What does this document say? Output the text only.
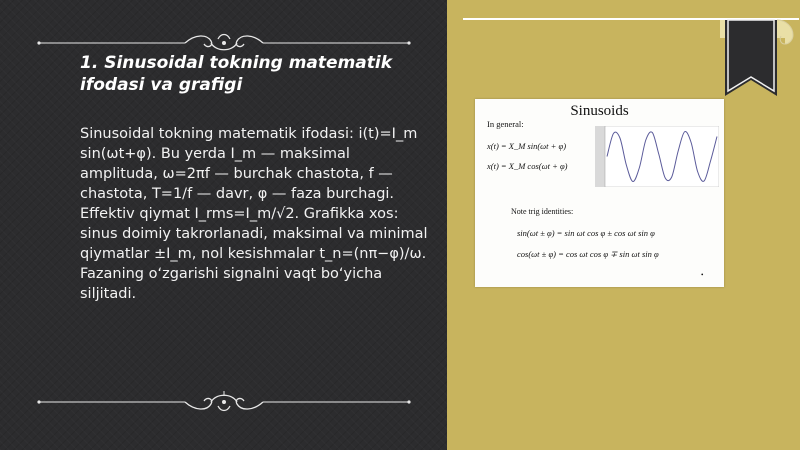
1. Sinusoidal tokning matematik ifodasi va grafigi

Sinusoidal tokning matematik ifodasi: i(t)=I_m sin(ωt+φ). Bu yerda I_m — maksimal amplituda, ω=2πf — burchak chastota, f — chastota, T=1/f — davr, φ — faza burchagi. Effektiv qiymat I_rms=I_m/√2. Grafikka xos: sinus doimiy takrorlanadi, maksimal va minimal qiymatlar ±I_m, nol kesishmalar t_n=(nπ−φ)/ω. Fazaning o‘zgarishi signalni vaqt bo‘yicha siljitadi.

Sinusoids
In general:
x(t) = X_M sin(ωt + φ)
x(t) = X_M cos(ωt + φ)
Note trig identities:
sin(ωt ± φ) = sin ωt cos φ ± cos ωt sin φ
cos(ωt ± φ) = cos ωt cos φ ∓ sin ωt sin φ
•
